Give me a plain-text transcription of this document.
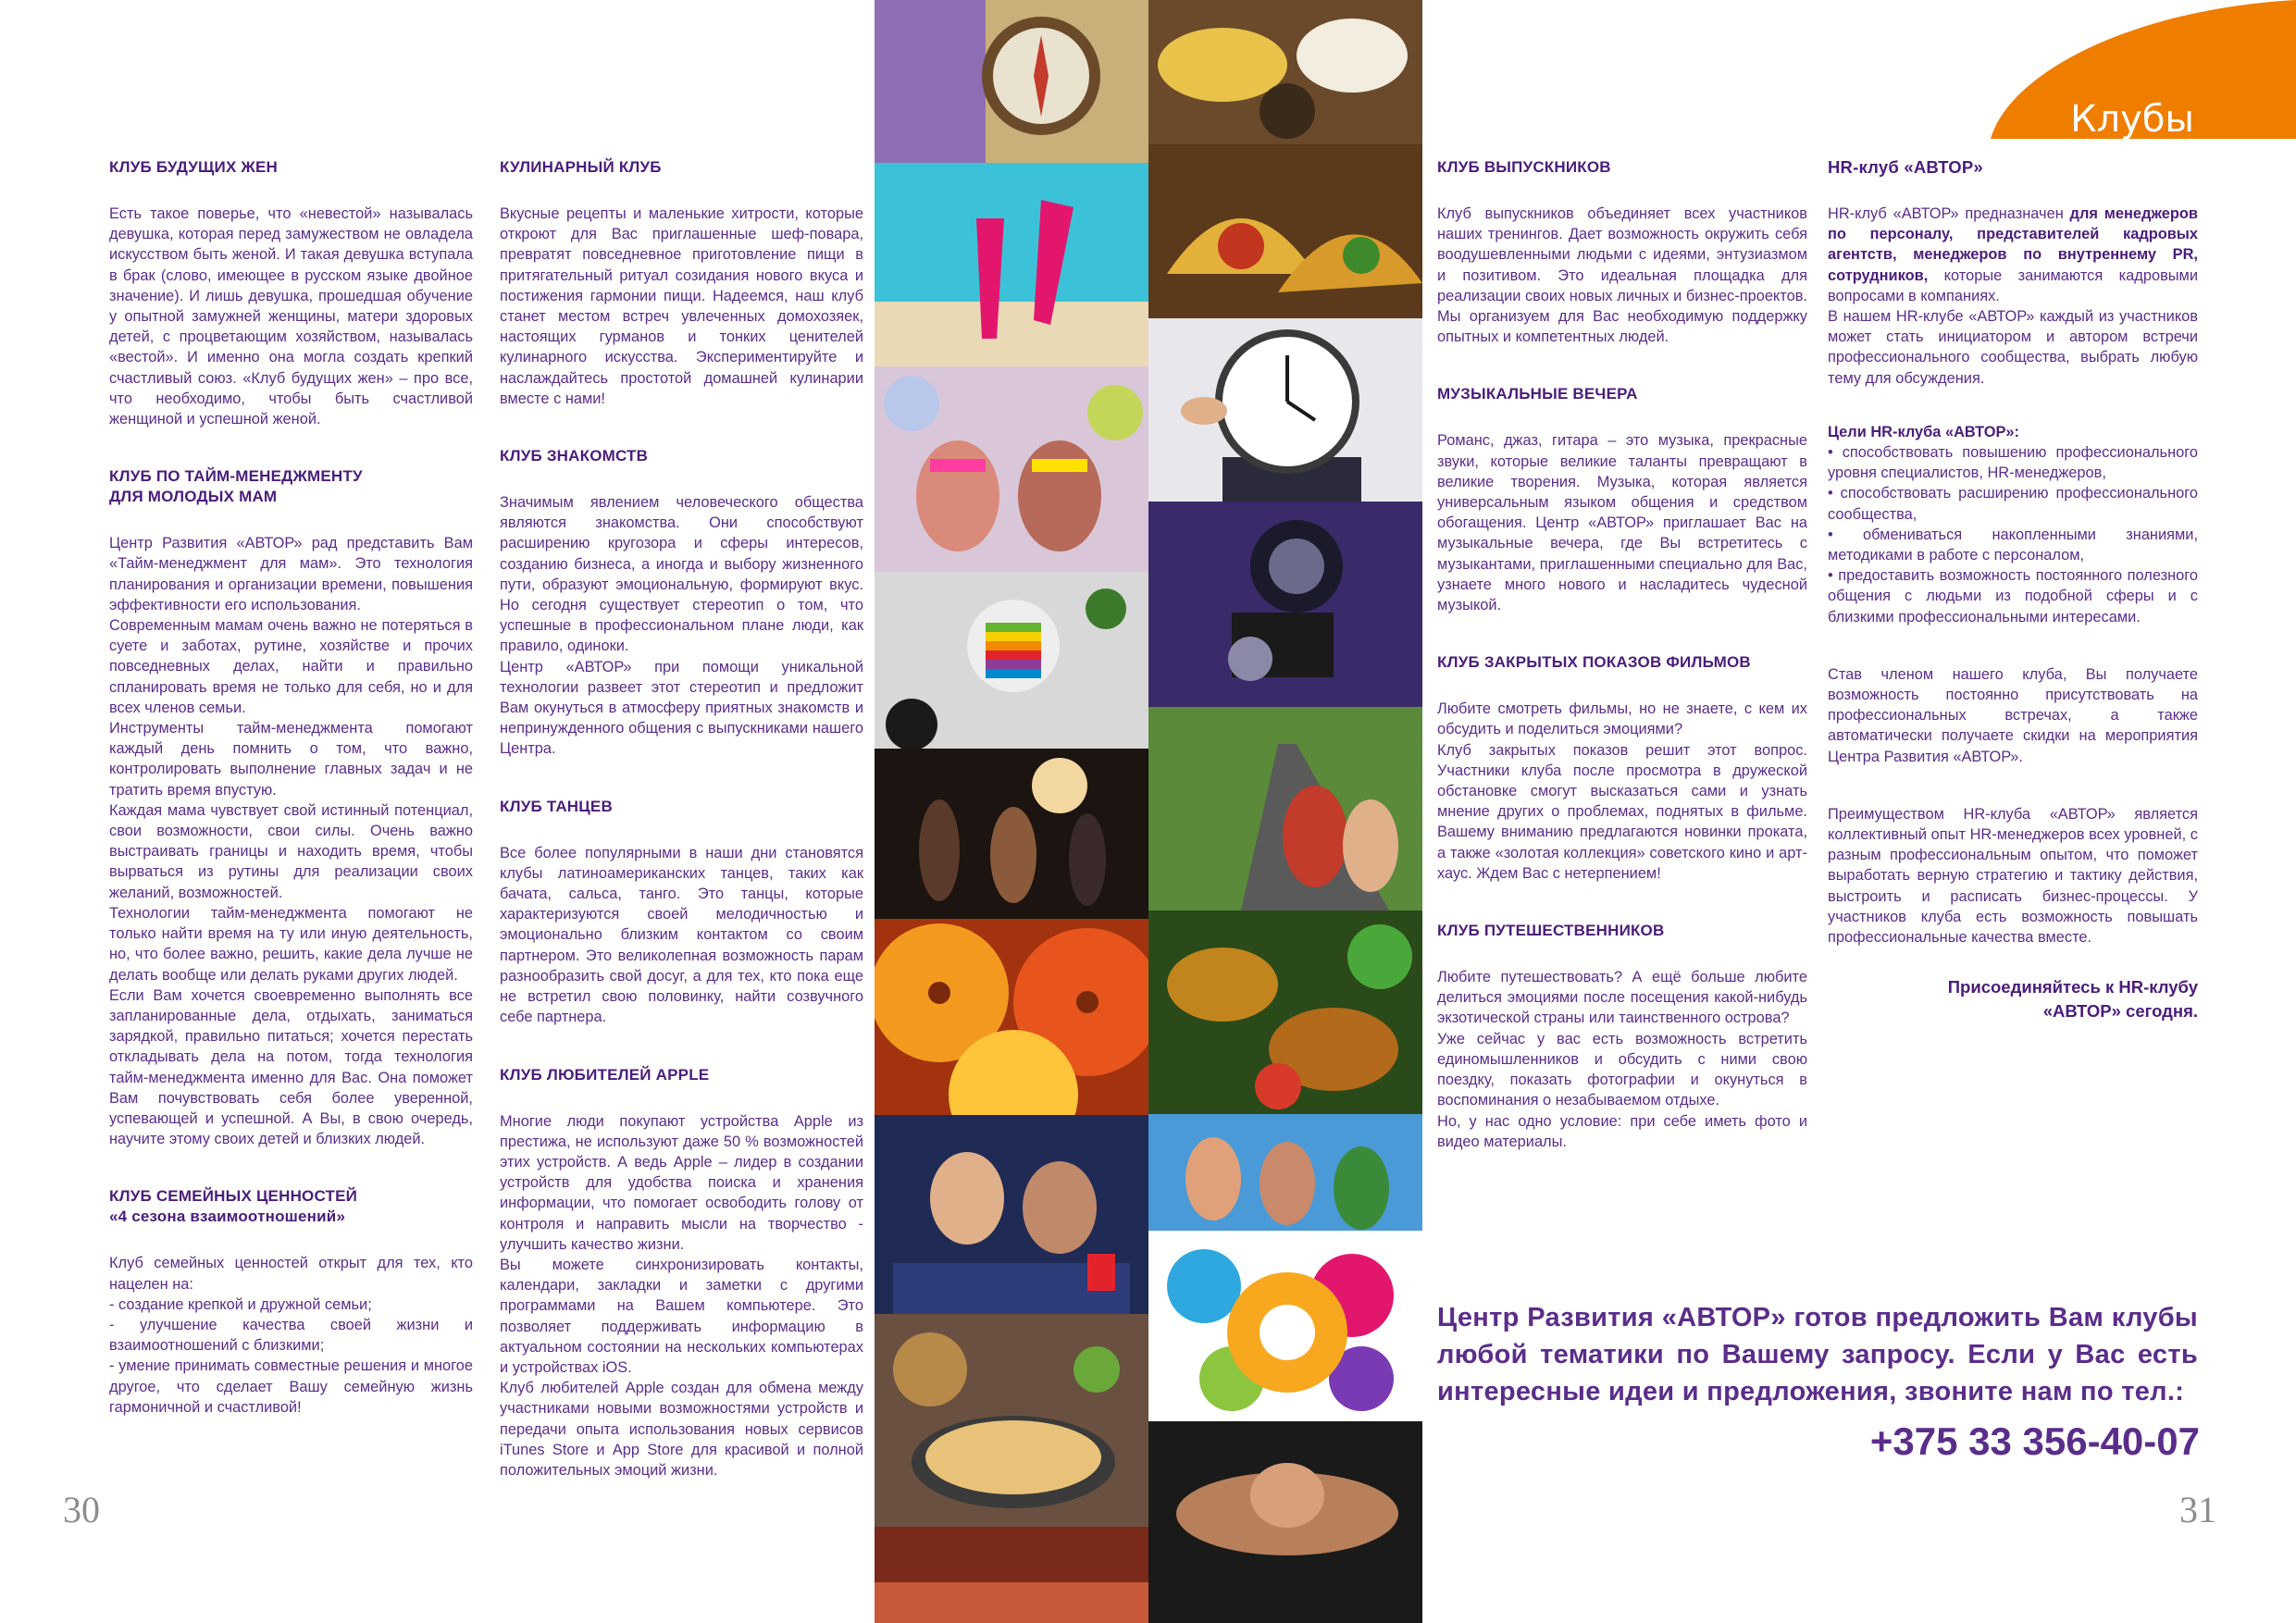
Клубы
КЛУБ БУДУЩИХ ЖЕН

Есть такое поверье, что «невестой» называлась девушка, которая перед замужеством не овладела искусством быть женой. И такая девушка вступала в брак (слово, имеющее в русском языке двойное значение). И лишь девушка, прошедшая обучение у опытной замужней женщины, матери здоровых детей, с процветающим хозяйством, называлась «вестой». И именно она могла создать крепкий счастливый союз. «Клуб будущих жен» – про все, что необходимо, чтобы быть счастливой женщиной и успешной женой.

КЛУБ ПО ТАЙМ-МЕНЕДЖМЕНТУ
ДЛЯ МОЛОДЫХ МАМ

Центр Развития «АВТОР» рад представить Вам «Тайм-менеджмент для мам». Это технология планирования и организации времени, повышения эффективности его использования.

Современным мамам очень важно не потеряться в суете и заботах, рутине, хозяйстве и прочих повседневных делах, найти и правильно спланировать время не только для себя, но и для всех членов семьи.

Инструменты тайм-менеджмента помогают каждый день помнить о том, что важно, контролировать выполнение главных задач и не тратить время впустую.

Каждая мама чувствует свой истинный потенциал, свои возможности, свои силы. Очень важно выстраивать границы и находить время, чтобы вырваться из рутины для реализации своих желаний, возможностей.

Технологии тайм-менеджмента помогают не только найти время на ту или иную деятельность, но, что более важно, решить, какие дела лучше не делать вообще или делать руками других людей.

Если Вам хочется своевременно выполнять все запланированные дела, отдыхать, заниматься зарядкой, правильно питаться; хочется перестать откладывать дела на потом, тогда технология тайм-менеджмента именно для Вас. Она поможет Вам почувствовать себя более уверенной, успевающей и успешной. А Вы, в свою очередь, научите этому своих детей и близких людей.

КЛУБ СЕМЕЙНЫХ ЦЕННОСТЕЙ
«4 сезона взаимоотношений»

Клуб семейных ценностей открыт для тех, кто нацелен на:

- создание крепкой и дружной семьи;

- улучшение качества своей жизни и взаимоотношений с близкими;

- умение принимать совместные решения и многое другое, что сделает Вашу семейную жизнь гармоничной и счастливой!

КУЛИНАРНЫЙ КЛУБ

Вкусные рецепты и маленькие хитрости, которые откроют для Вас приглашенные шеф-повара, превратят повседневное приготовление пищи в притягательный ритуал созидания нового вкуса и постижения гармонии пищи. Надеемся, наш клуб станет местом встреч увлеченных домохозяек, настоящих гурманов и тонких ценителей кулинарного искусства. Экспериментируйте и наслаждайтесь простотой домашней кулинарии вместе с нами!

КЛУБ ЗНАКОМСТВ

Значимым явлением человеческого общества являются знакомства. Они способствуют расширению кругозора и сферы интересов, созданию бизнеса, а иногда и выбору жизненного пути, образуют эмоциональную, формируют вкус. Но сегодня существует стереотип о том, что успешные в профессиональном плане люди, как правило, одиноки.

Центр «АВТОР» при помощи уникальной технологии развеет этот стереотип и предложит Вам окунуться в атмосферу приятных знакомств и непринужденного общения с выпускниками нашего Центра.

КЛУБ ТАНЦЕВ

Все более популярными в наши дни становятся клубы латиноамериканских танцев, таких как бачата, сальса, танго. Это танцы, которые характеризуются своей мелодичностью и эмоционально близким контактом со своим партнером. Это великолепная возможность парам разнообразить свой досуг, а для тех, кто пока еще не встретил свою половинку, найти созвучного себе партнера.

КЛУБ ЛЮБИТЕЛЕЙ APPLE

Многие люди покупают устройства Apple из престижа, не используют даже 50 % возможностей этих устройств. А ведь Apple – лидер в создании устройств для удобства поиска и хранения информации, что помогает освободить голову от контроля и направить мысли на творчество - улучшить качество жизни.

Вы можете синхронизировать контакты, календари, закладки и заметки с другими программами на Вашем компьютере. Это позволяет поддерживать информацию в актуальном состоянии на нескольких компьютерах и устройствах iOS.

Клуб любителей Apple создан для обмена между участниками новыми возможностями устройств и передачи опыта использования новых сервисов iTunes Store и App Store для красивой и полной положительных эмоций жизни.

КЛУБ ВЫПУСКНИКОВ

Клуб выпускников объединяет всех участников наших тренингов. Дает возможность окружить себя воодушевленными людьми с идеями, энтузиазмом и позитивом. Это идеальная площадка для реализации своих новых личных и бизнес-проектов. Мы организуем для Вас необходимую поддержку опытных и компетентных людей.

МУЗЫКАЛЬНЫЕ ВЕЧЕРА

Романс, джаз, гитара – это музыка, прекрасные звуки, которые великие таланты превращают в великие творения. Музыка, которая является универсальным языком общения и средством обогащения. Центр «АВТОР» приглашает Вас на музыкальные вечера, где Вы встретитесь с музыкантами, приглашенными специально для Вас, узнаете много нового и насладитесь чудесной музыкой.

КЛУБ ЗАКРЫТЫХ ПОКАЗОВ ФИЛЬМОВ

Любите смотреть фильмы, но не знаете, с кем их обсудить и поделиться эмоциями?

Клуб закрытых показов решит этот вопрос. Участники клуба после просмотра в дружеской обстановке смогут высказаться сами и узнать мнение других о проблемах, поднятых в фильме. Вашему вниманию предлагаются новинки проката, а также «золотая коллекция» советского кино и арт-хаус. Ждем Вас с нетерпением!

КЛУБ ПУТЕШЕСТВЕННИКОВ

Любите путешествовать? А ещё больше любите делиться эмоциями после посещения какой-нибудь экзотической страны или таинственного острова?

Уже сейчас у вас есть возможность встретить единомышленников и обсудить с ними свою поездку, показать фотографии и окунуться в воспоминания о незабываемом отдыхе.

Но, у нас одно условие: при себе иметь фото и видео материалы.

HR-клуб «АВТОР»

HR-клуб «АВТОР» предназначен для менеджеров по персоналу, представителей кадровых агентств, менеджеров по внутреннему PR, сотрудников, которые занимаются кадровыми вопросами в компаниях.

В нашем HR-клубе «АВТОР» каждый из участников может стать инициатором и автором встречи профессионального сообщества, выбрать любую тему для обсуждения.

Цели HR-клуба «АВТОР»:

• способствовать повышению профессионального уровня специалистов, HR-менеджеров,

• способствовать расширению профессионального сообщества,

• обмениваться накопленными знаниями, методиками в работе с персоналом,

• предоставить возможность постоянного полезного общения с людьми из подобной сферы и с близкими профессиональными интересами.

Став членом нашего клуба, Вы получаете возможность постоянно присутствовать на профессиональных встречах, а также автоматически получаете скидки на мероприятия Центра Развития «АВТОР».

Преимуществом HR-клуба «АВТОР» является коллективный опыт HR-менеджеров всех уровней, с разным профессиональным опытом, что поможет выработать верную стратегию и тактику действия, выстроить и расписать бизнес-процессы. У участников клуба есть возможность повышать профессиональные качества вместе.

Присоединяйтесь к HR-клубу
«АВТОР» сегодня.
Центр Развития «АВТОР» готов предложить Вам клубы любой тематики по Вашему запросу. Если у Вас есть интересные идеи и предложения, звоните нам по тел.:
+375 33 356-40-07
30	31
